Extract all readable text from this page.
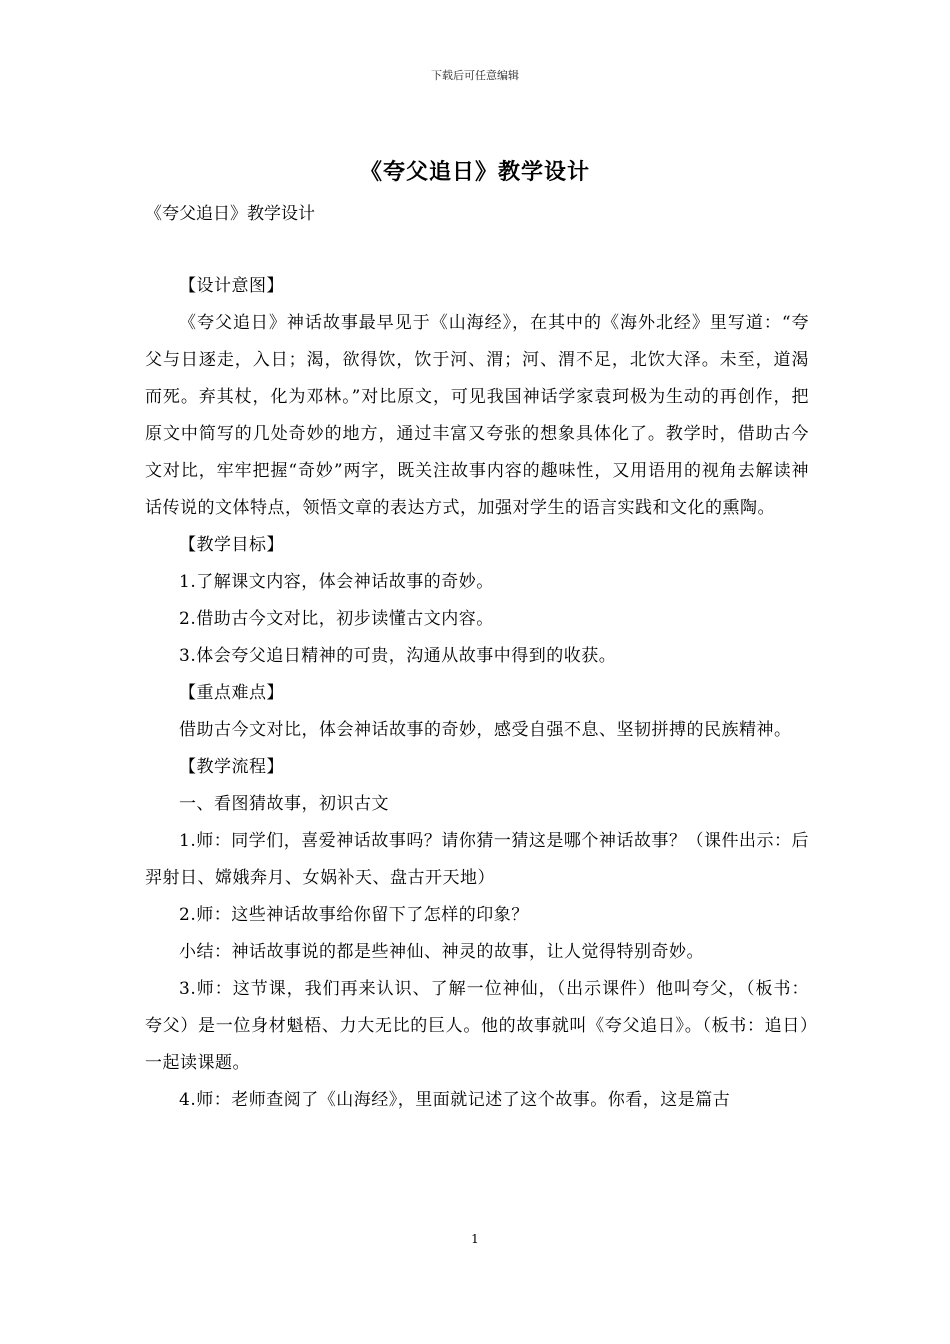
下载后可任意编辑
《夸父追日》教学设计
《夸父追日》教学设计

【设计意图】

《夸父追日》神话故事最早见于《山海经》，在其中的《海外北经》里写道：“夸父与日逐走，入日；渴，欲得饮，饮于河、渭；河、渭不足，北饮大泽。未至，道渴而死。弃其杖，化为邓林。”对比原文，可见我国神话学家袁珂极为生动的再创作，把原文中简写的几处奇妙的地方，通过丰富又夸张的想象具体化了。教学时，借助古今文对比，牢牢把握“奇妙”两字，既关注故事内容的趣味性，又用语用的视角去解读神话传说的文体特点，领悟文章的表达方式，加强对学生的语言实践和文化的熏陶。

【教学目标】

1.了解课文内容，体会神话故事的奇妙。

2.借助古今文对比，初步读懂古文内容。

3.体会夸父追日精神的可贵，沟通从故事中得到的收获。

【重点难点】

借助古今文对比，体会神话故事的奇妙，感受自强不息、坚韧拼搏的民族精神。

【教学流程】

一、看图猜故事，初识古文

1.师：同学们，喜爱神话故事吗？请你猜一猜这是哪个神话故事？（课件出示：后羿射日、嫦娥奔月、女娲补天、盘古开天地）

2.师：这些神话故事给你留下了怎样的印象？

小结：神话故事说的都是些神仙、神灵的故事，让人觉得特别奇妙。

3.师：这节课，我们再来认识、了解一位神仙，（出示课件）他叫夸父，（板书：夸父）是一位身材魁梧、力大无比的巨人。他的故事就叫《夸父追日》。（板书：追日）一起读课题。

4.师：老师查阅了《山海经》，里面就记述了这个故事。你看，这是篇古

1
